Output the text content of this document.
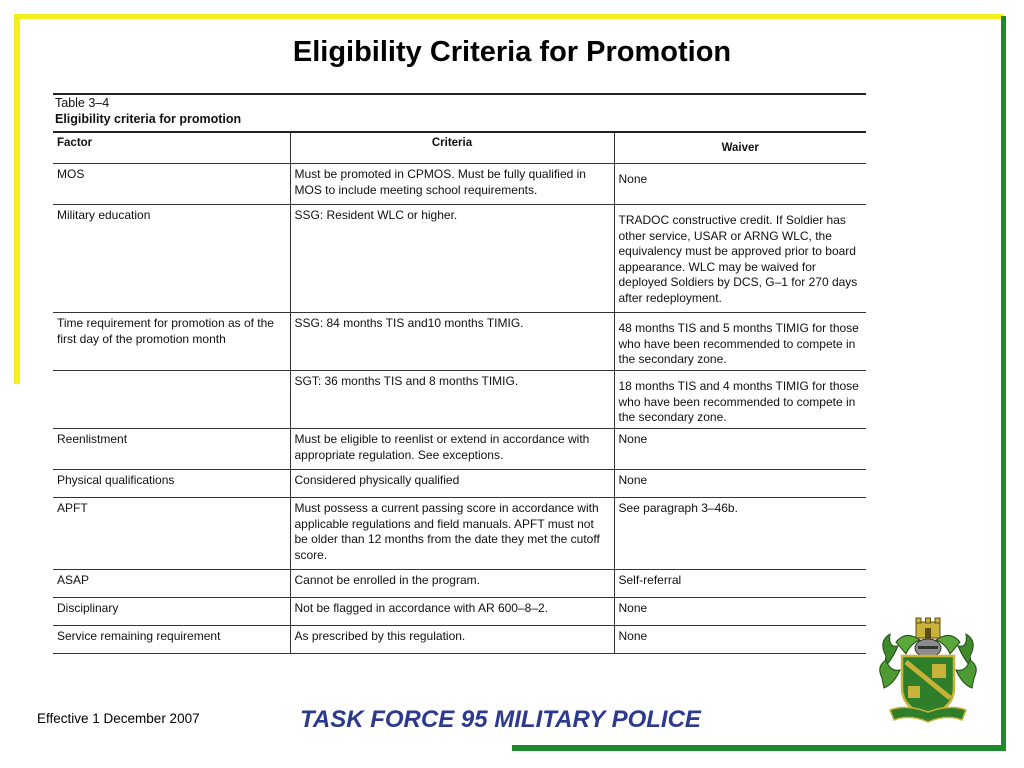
Eligibility Criteria for Promotion
Table 3–4
Eligibility criteria for promotion
Factor	Criteria	Waiver
MOS	Must be promoted in CPMOS. Must be fully qualified in MOS to include meeting school requirements.	None
Military education	SSG: Resident WLC or higher.	TRADOC constructive credit. If Soldier has other service, USAR or ARNG WLC, the equivalency must be approved prior to board appearance. WLC may be waived for deployed Soldiers by DCS, G–1 for 270 days after redeployment.
Time requirement for promotion as of the first day of the promotion month	SSG: 84 months TIS and10 months TIMIG.	48 months TIS and 5 months TIMIG for those who have been recommended to compete in the secondary zone.
	SGT: 36 months TIS and 8 months TIMIG.	18 months TIS and 4 months TIMIG for those who have been recommended to compete in the secondary zone.
Reenlistment	Must be eligible to reenlist or extend in accordance with appropriate regulation. See exceptions.	None
Physical qualifications	Considered physically qualified	None
APFT	Must possess a current passing score in accordance with applicable regulations and field manuals. APFT must not be older than 12 months from the date they met the cutoff score.	See paragraph 3–46b.
ASAP	Cannot be enrolled in the program.	Self-referral
Disciplinary	Not be flagged in accordance with AR 600–8–2.	None
Service remaining requirement	As prescribed by this regulation.	None
Effective 1 December 2007	TASK FORCE 95 MILITARY POLICE
